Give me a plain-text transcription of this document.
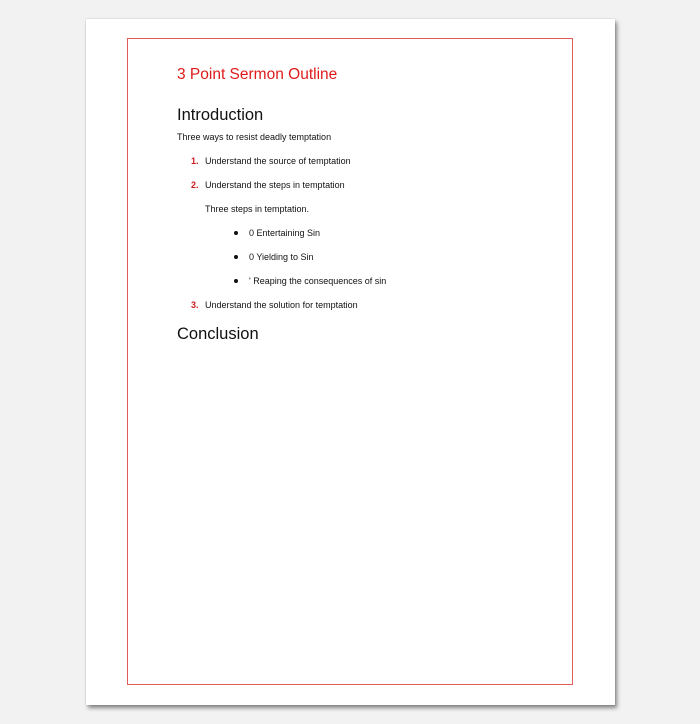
3 Point Sermon Outline
Introduction
Three ways to resist deadly temptation
1. Understand the source of temptation
2. Understand the steps in temptation
Three steps in temptation.
0 Entertaining Sin
0 Yielding to Sin
' Reaping the consequences of sin
3. Understand the solution for temptation
Conclusion
